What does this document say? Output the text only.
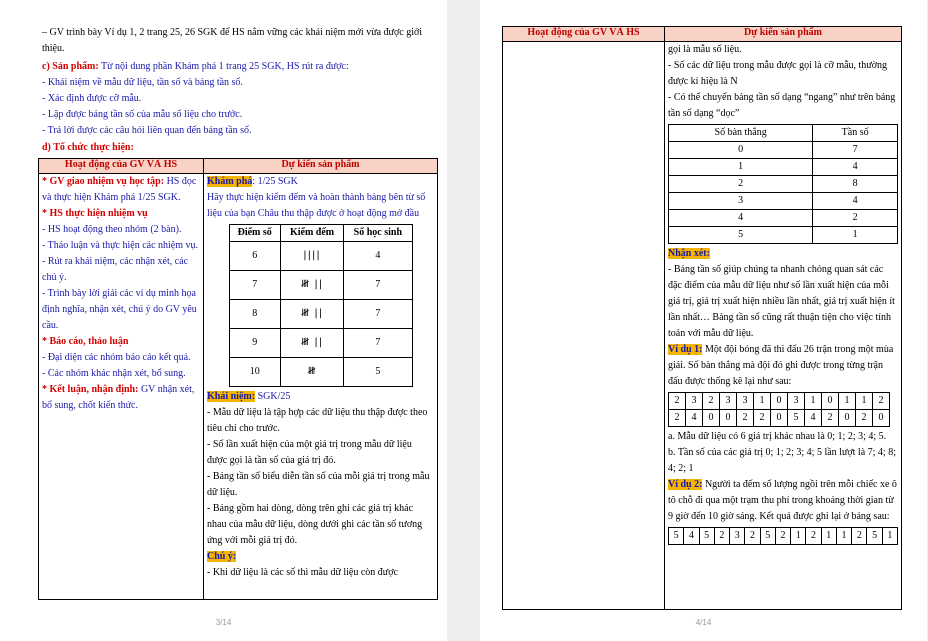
– GV trình bày Ví dụ 1, 2 trang 25, 26 SGK để HS nắm vững các khái niệm mới vừa được giới thiệu.
c) Sản phẩm: Từ nội dung phần Khám phá 1 trang 25 SGK, HS rút ra được:
- Khái niệm về mẫu dữ liệu, tần số và bảng tần số.
- Xác định được cỡ mẫu.
- Lập được bảng tần số của mẫu số liệu cho trước.
- Trả lời được các câu hỏi liên quan đến bảng tần số.
d) Tổ chức thực hiện:
Hoạt động của GV VÀ HS	Dự kiến sản phẩm

* GV giao nhiệm vụ học tập: HS đọc và thực hiện Khám phá 1/25 SGK.
* HS thực hiện nhiệm vụ
- HS hoạt động theo nhóm (2 bàn).
- Thảo luận và thực hiện các nhiệm vụ.
- Rút ra khái niệm, các nhận xét, các chú ý.
- Trình bày lời giải các ví dụ minh họa định nghĩa, nhận xét, chú ý do GV yêu cầu.
* Báo cáo, thảo luận
- Đại diện các nhóm báo cáo kết quả.
- Các nhóm khác nhận xét, bổ sung.
* Kết luận, nhận định: GV nhận xét, bổ sung, chốt kiến thức.

Khám phá: 1/25 SGK
Hãy thực hiện kiểm đếm và hoàn thành bảng bên từ số liệu của bạn Châu thu thập được ở hoạt động mở đầu
Điểm số	Kiểm đếm	Số học sinh
6	||||	4
7	𝍸 ||	7
8	𝍸 ||	7
9	𝍸 ||	7
10	𝍸	5
Khái niệm: SGK/25
- Mẫu dữ liệu là tập hợp các dữ liệu thu thập được theo tiêu chí cho trước.
- Số lần xuất hiện của một giá trị trong mẫu dữ liệu được gọi là tần số của giá trị đó.
- Bảng tần số biểu diễn tần số của mỗi giá trị trong mẫu dữ liệu.
- Bảng gồm hai dòng, dòng trên ghi các giá trị khác nhau của mẫu dữ liệu, dòng dưới ghi các tần số tương ứng với mỗi giá trị đó.
Chú ý:
- Khi dữ liệu là các số thì mẫu dữ liệu còn được
3/14
Hoạt động của GV VÀ HS	Dự kiến sản phẩm

gọi là mẫu số liệu.
- Số các dữ liệu trong mẫu được gọi là cỡ mẫu, thường được kí hiệu là N
- Có thể chuyển bảng tần số dạng “ngang” như trên bảng tần số dạng “dọc”
Số bàn thắng	Tần số
0	7
1	4
2	8
3	4
4	2
5	1
Nhận xét:
- Bảng tần số giúp chúng ta nhanh chóng quan sát các đặc điểm của mẫu dữ liệu như số lần xuất hiện của mỗi giá trị, giá trị xuất hiện nhiều lần nhất, giá trị xuất hiện ít lần nhất… Bảng tần số cũng rất thuận tiện cho việc tính toán với mẫu dữ liệu.
Ví dụ 1: Một đội bóng đã thi đấu 26 trận trong một mùa giải. Số bàn thắng mà đội đó ghi được trong từng trận đấu được thống kê lại như sau:
2	3	2	3	3	1	0	3	1	0	1	1	2
2	4	0	0	2	2	0	5	4	2	0	2	0
a. Mẫu dữ liệu có 6 giá trị khác nhau là 0; 1; 2; 3; 4; 5.
b. Tần số của các giá trị 0; 1; 2; 3; 4; 5 lần lượt là 7; 4; 8; 4; 2; 1
Ví dụ 2: Người ta đếm số lượng ngồi trên mỗi chiếc xe ô tô chỗ đi qua một trạm thu phí trong khoảng thời gian từ 9 giờ đến 10 giờ sáng. Kết quả được ghi lại ở bảng sau:
5	4	5	2	3	2	5	2	1	2	1	1	2	5	1
4/14
